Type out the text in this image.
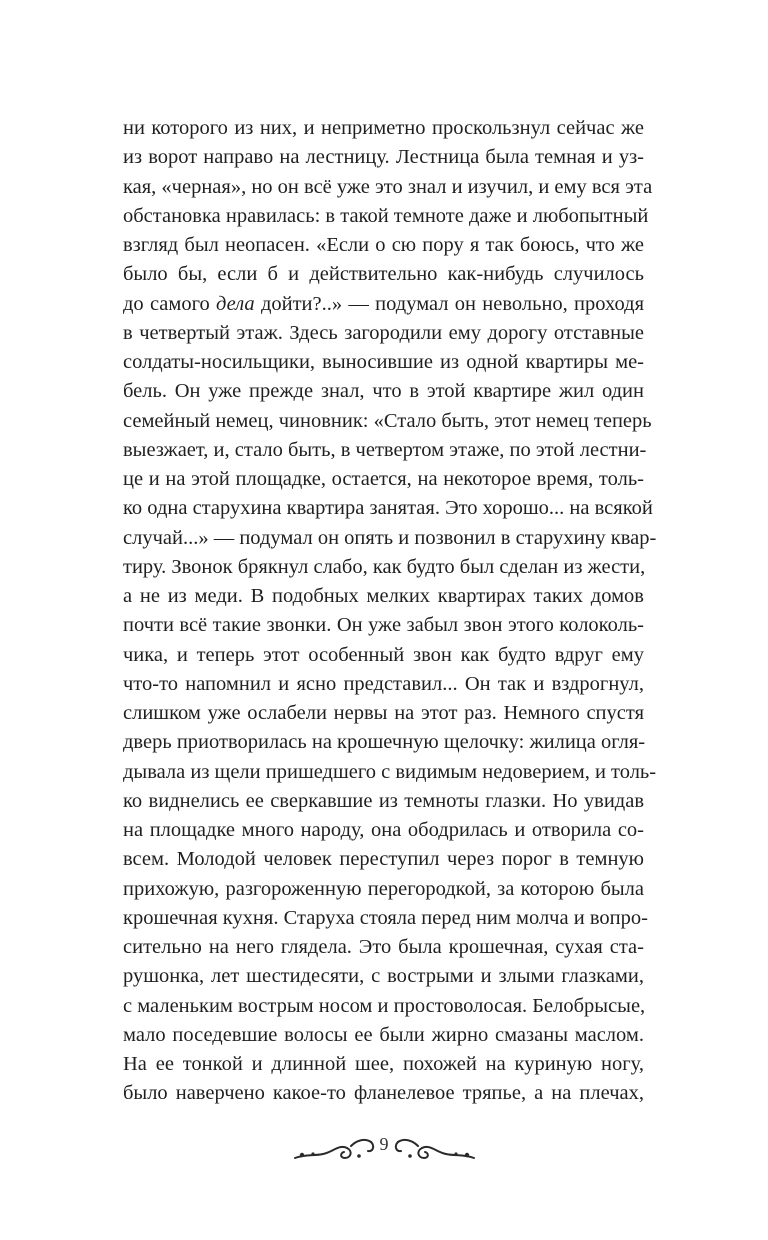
ни которого из них, и неприметно проскользнул сейчас же
из ворот направо на лестницу. Лестница была темная и уз-
кая, «черная», но он всё уже это знал и изучил, и ему вся эта
обстановка нравилась: в такой темноте даже и любопытный
взгляд был неопасен. «Если о сю пору я так боюсь, что же
было бы, если б и действительно как-нибудь случилось
до самого дела дойти?..» — подумал он невольно, проходя
в четвертый этаж. Здесь загородили ему дорогу отставные
солдаты-носильщики, выносившие из одной квартиры ме-
бель. Он уже прежде знал, что в этой квартире жил один
семейный немец, чиновник: «Стало быть, этот немец теперь
выезжает, и, стало быть, в четвертом этаже, по этой лестни-
це и на этой площадке, остается, на некоторое время, толь-
ко одна старухина квартира занятая. Это хорошо... на всякой
случай...» — подумал он опять и позвонил в старухину квар-
тиру. Звонок брякнул слабо, как будто был сделан из жести,
а не из меди. В подобных мелких квартирах таких домов
почти всё такие звонки. Он уже забыл звон этого колоколь-
чика, и теперь этот особенный звон как будто вдруг ему
что-то напомнил и ясно представил... Он так и вздрогнул,
слишком уже ослабели нервы на этот раз. Немного спустя
дверь приотворилась на крошечную щелочку: жилица огля-
дывала из щели пришедшего с видимым недоверием, и толь-
ко виднелись ее сверкавшие из темноты глазки. Но увидав
на площадке много народу, она ободрилась и отворила со-
всем. Молодой человек переступил через порог в темную
прихожую, разгороженную перегородкой, за которою была
крошечная кухня. Старуха стояла перед ним молча и вопро-
сительно на него глядела. Это была крошечная, сухая ста-
рушонка, лет шестидесяти, с вострыми и злыми глазками,
с маленьким вострым носом и простоволосая. Белобрысые,
мало поседевшие волосы ее были жирно смазаны маслом.
На ее тонкой и длинной шее, похожей на куриную ногу,
было наверчено какое-то фланелевое тряпье, а на плечах,
9
